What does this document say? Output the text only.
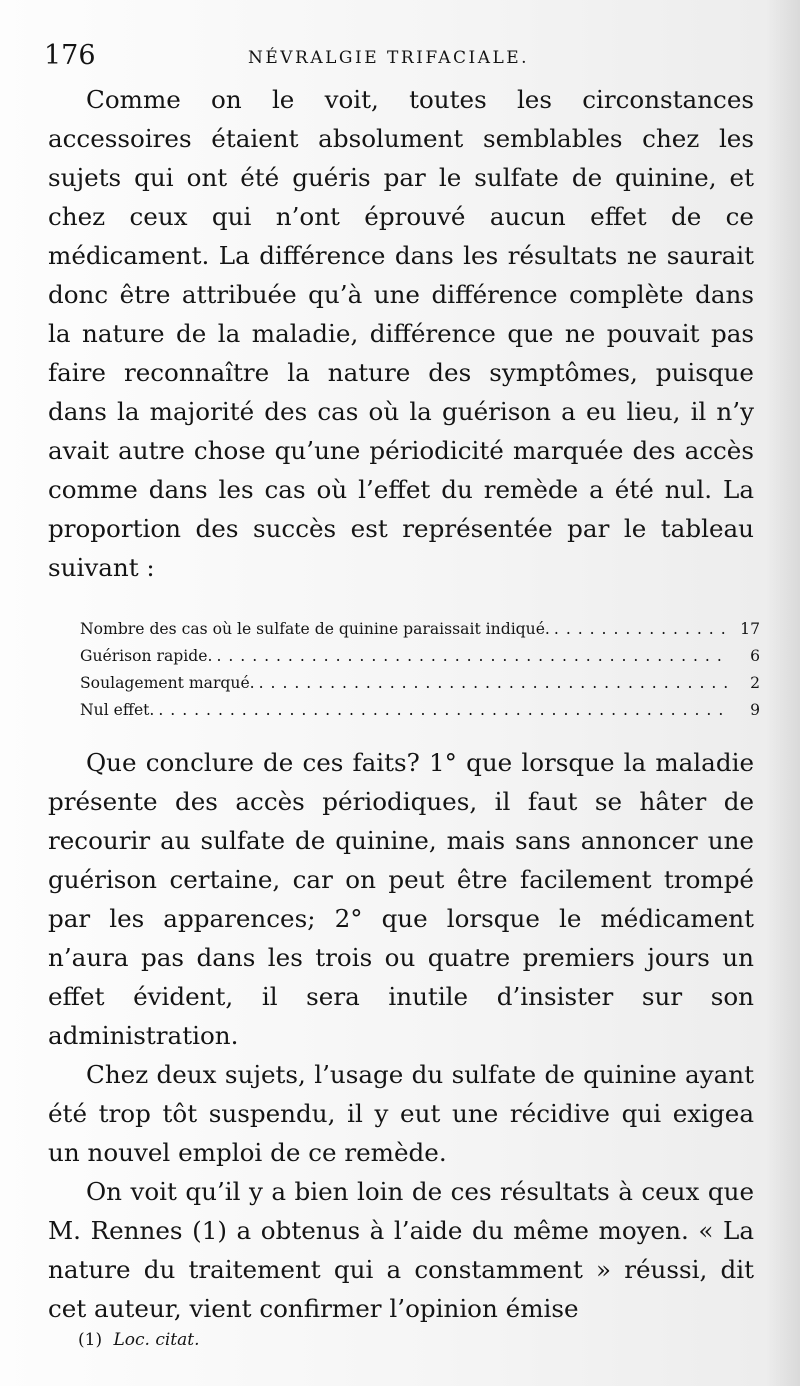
176	NÉVRALGIE TRIFACIALE.

Comme on le voit, toutes les circonstances accessoires étaient absolument semblables chez les sujets qui ont été guéris par le sulfate de quinine, et chez ceux qui n’ont éprouvé aucun effet de ce médicament. La différence dans les résultats ne saurait donc être attribuée qu’à une différence complète dans la nature de la maladie, différence que ne pouvait pas faire reconnaître la nature des symptômes, puisque dans la majorité des cas où la guérison a eu lieu, il n’y avait autre chose qu’une périodicité marquée des accès comme dans les cas où l’effet du remède a été nul. La proportion des succès est représentée par le tableau suivant :

Nombre des cas où le sulfate de quinine paraissait indiqué. . . .	17
Guérison rapide. . . .	6
Soulagement marqué. . . .	2
Nul effet. . . .	9

Que conclure de ces faits? 1° que lorsque la maladie présente des accès périodiques, il faut se hâter de recourir au sulfate de quinine, mais sans annoncer une guérison certaine, car on peut être facilement trompé par les apparences; 2° que lorsque le médicament n’aura pas dans les trois ou quatre premiers jours un effet évident, il sera inutile d’insister sur son administration.

Chez deux sujets, l’usage du sulfate de quinine ayant été trop tôt suspendu, il y eut une récidive qui exigea un nouvel emploi de ce remède.

On voit qu’il y a bien loin de ces résultats à ceux que M. Rennes (1) a obtenus à l’aide du même moyen. « La nature du traitement qui a constamment » réussi, dit cet auteur, vient confirmer l’opinion émise

(1) Loc. citat.
